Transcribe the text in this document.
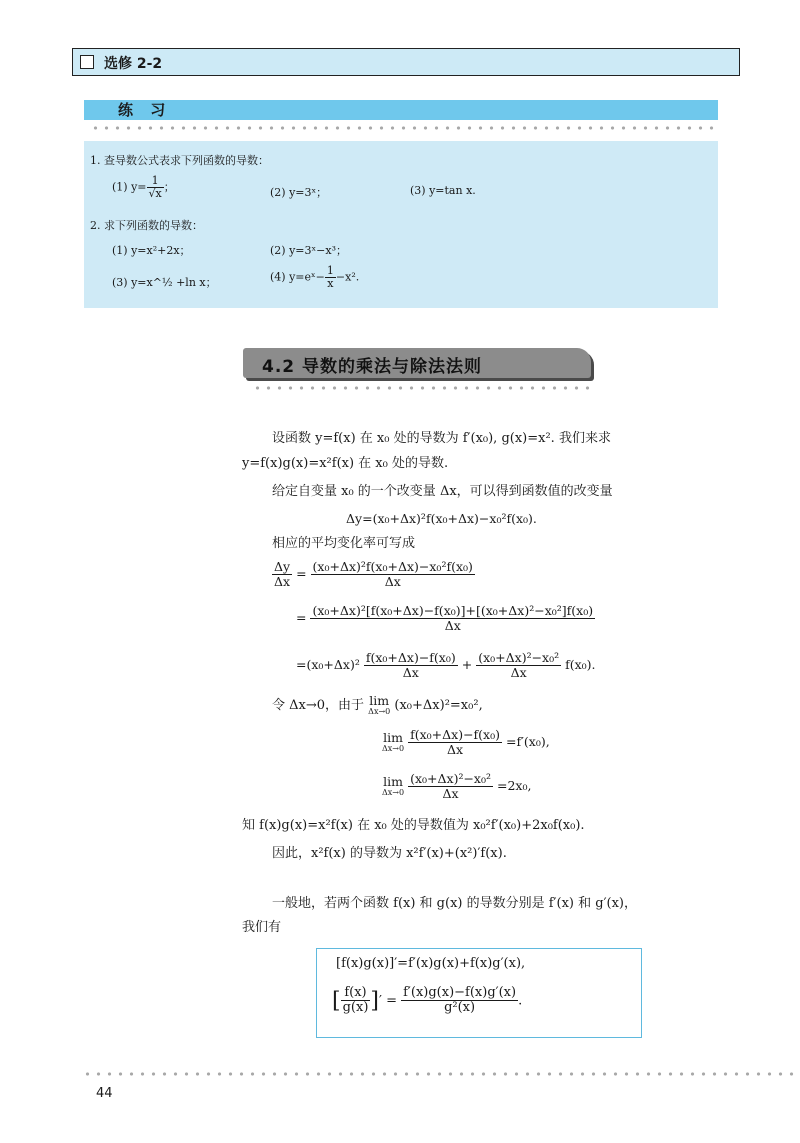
选修 2-2
练 习
1. 查导数公式表求下列函数的导数：
(1) $y= \frac{1}{√x}$ ；	(2) y=3ˣ；	(3) y=tan x.
2. 求下列函数的导数：
(1) y=x²+2x；	(2) y=3ˣ−x³；
(3) y=x^½ +ln x；	(4) y=eˣ− $\frac{1}{x} -x^2$.
4.2 导数的乘法与除法法则
设函数 y=f(x) 在 x₀ 处的导数为 f′(x₀), g(x)=x². 我们来求
y=f(x)g(x)=x²f(x) 在 x₀ 处的导数.
给定自变量 x₀ 的一个改变量 Δx，可以得到函数值的改变量
Δy=(x₀+Δx)²f(x₀+Δx)−x₀²f(x₀).
相应的平均变化率可写成
$\frac{\Delta y}{\Delta x} = \frac{\text{(x₀+Δx)²f(x₀+Δx)−x₀²f(x₀)}}{\Delta x}$
= $\frac{\text{(x₀+Δx)²[f(x₀+Δx)−f(x₀)]+[(x₀+Δx)²−x₀²]f(x₀)}}{\Delta x}$
$=(x_0+\Delta x)^2 \frac{\text{f(x₀+Δx)−f(x₀)}}{\Delta x} + \frac{\text{(x₀+Δx)²−x₀²}}{\Delta x} f(x_0)$.
令 Δx→0，由于 lim
Δx→0 (x₀+Δx)²=x₀²,
lim
Δx→0
$\frac{\text{f(x₀+Δx)−f(x₀)}}{\Delta x} =f'(x_0)$,
lim
Δx→0
$\frac{\text{(x₀+Δx)²−x₀²}}{\Delta x} =2x_0$,
知 f(x)g(x)=x²f(x) 在 x₀ 处的导数值为 x₀²f′(x₀)+2x₀f(x₀).
因此，x²f(x) 的导数为 x²f′(x)+(x²)′f(x).
一般地，若两个函数 f(x) 和 g(x) 的导数分别是 f′(x) 和 g′(x)，
我们有
[f(x)g(x)]′=f′(x)g(x)+f(x)g′(x),
[ $\frac{f(x)}{g(x)}$ ]′ = $\frac{f'(x)g(x)-f(x)g'(x)}{\text{g²(x)}}$ .
44
